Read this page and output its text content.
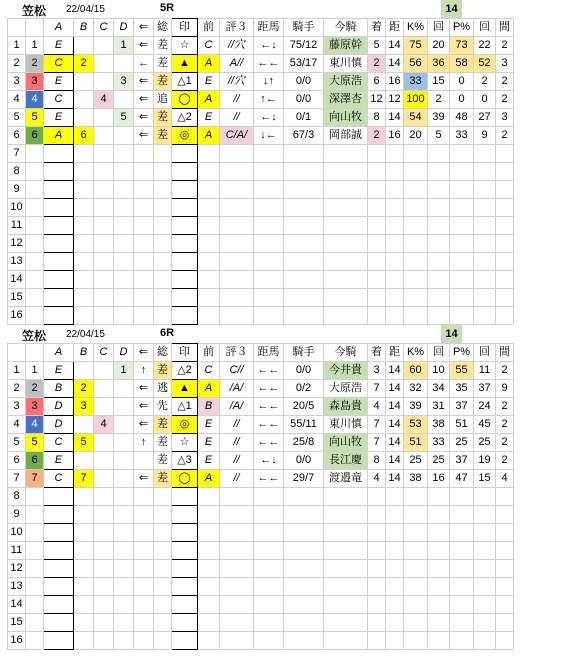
笠松 22/04/15	5R	14
		A	B	C	D	⇐	総	印	前	評３	距馬	騎手	今騎	着	距	K%	回	P%	回	間
1	1	E			1	⇐	差	☆	C	//穴	←↓	75/12	藤原幹	5	14	75	20	73	22	2
2	2	C	2			←	差	▲	A	A//	←←	53/17	東川慎	2	14	56	36	58	52	3
3	3	E			3	⇐	差	△1	E	//穴	↓↑	0/0	大原浩	6	16	33	15	0	2	2
4	4	C		4		⇐	追	◯	A	//	↑←	0/0	深澤杏	12	12	100	2	0	0	2
5	5	E			5	⇐	差	△2	E	//	←↓	0/1	向山牧	8	14	54	39	48	27	3
6	6	A	6			⇐	差	◎	A	C/A/	↓←	67/3	岡部誠	2	16	20	5	33	9	2
7																				
8																				
9																				
10																				
11																				
12																				
13																				
14																				
15																				
16																				
笠松 22/04/15	6R	14
		A	B	C	D	⇐	総	印	前	評３	距馬	騎手	今騎	着	距	K%	回	P%	回	間
1	1	E			1	↑	差	△2	C	C//	←←	0/0	今井貴	3	14	60	10	55	11	2
2	2	B	2			⇐	逃	▲	A	/A/	←←	0/2	大原浩	7	14	32	34	35	37	9
3	3	D	3			⇐	先	△1	B	/A/	←←	20/5	森島貴	4	14	39	31	37	24	2
4	4	D		4		⇐	差	◎	E	//	←←	55/11	東川慎	7	14	53	38	51	45	2
5	5	C	5			↑	差	☆	E	//	←←	25/8	向山牧	7	14	51	33	25	25	2
6	6	E					差	△3	E	//	←↓	0/0	長江慶	8	14	25	25	37	19	2
7	7	C	7			⇐	差	◯	A	//	←←	29/7	渡邉竜	4	14	38	16	47	15	4
8																				
9																				
10																				
11																				
12																				
13																				
14																				
15																				
16																				
